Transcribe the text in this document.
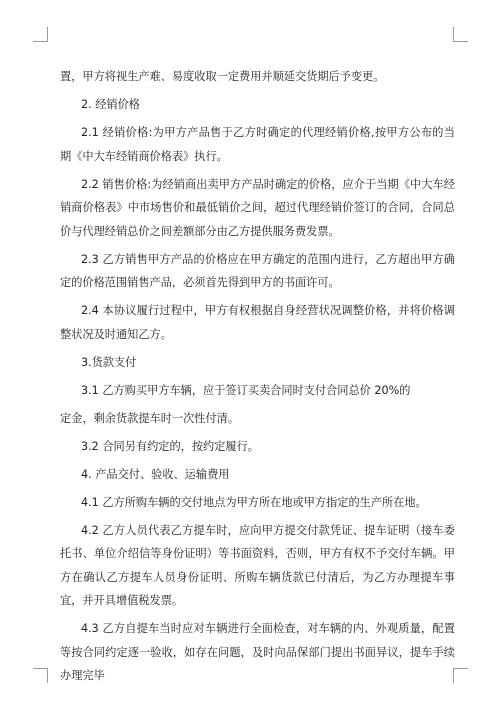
置，甲方将视生产难、易度收取一定费用并顺延交货期后予变更。

2. 经销价格

2.1 经销价格:为甲方产品售于乙方时确定的代理经销价格,按甲方公布的当期《中大车经销商价格表》执行。

2.2 销售价格:为经销商出卖甲方产品时确定的价格，应介于当期《中大车经销商价格表》中市场售价和最低销价之间，超过代理经销价签订的合同，合同总价与代理经销总价之间差额部分由乙方提供服务费发票。

2.3 乙方销售甲方产品的价格应在甲方确定的范围内进行，乙方超出甲方确定的价格范围销售产品，必须首先得到甲方的书面许可。

2.4 本协议履行过程中，甲方有权根据自身经营状况调整价格，并将价格调整状况及时通知乙方。

3.货款支付

3.1 乙方购买甲方车辆，应于签订买卖合同时支付合同总价 20%的

定金，剩余货款提车时一次性付清。

3.2 合同另有约定的，按约定履行。

4. 产品交付、验收、运输费用

4.1 乙方所购车辆的交付地点为甲方所在地或甲方指定的生产所在地。

4.2 乙方人员代表乙方提车时，应向甲方提交付款凭证、提车证明（接车委托书、单位介绍信等身份证明）等书面资料，否则，甲方有权不予交付车辆。甲方在确认乙方提车人员身份证明、所购车辆货款已付清后，为乙方办理提车事宜，并开具增值税发票。

4.3 乙方自提车当时应对车辆进行全面检查，对车辆的内、外观质量，配置等按合同约定逐一验收，如存在问题，及时向品保部门提出书面异议，提车手续办理完毕
